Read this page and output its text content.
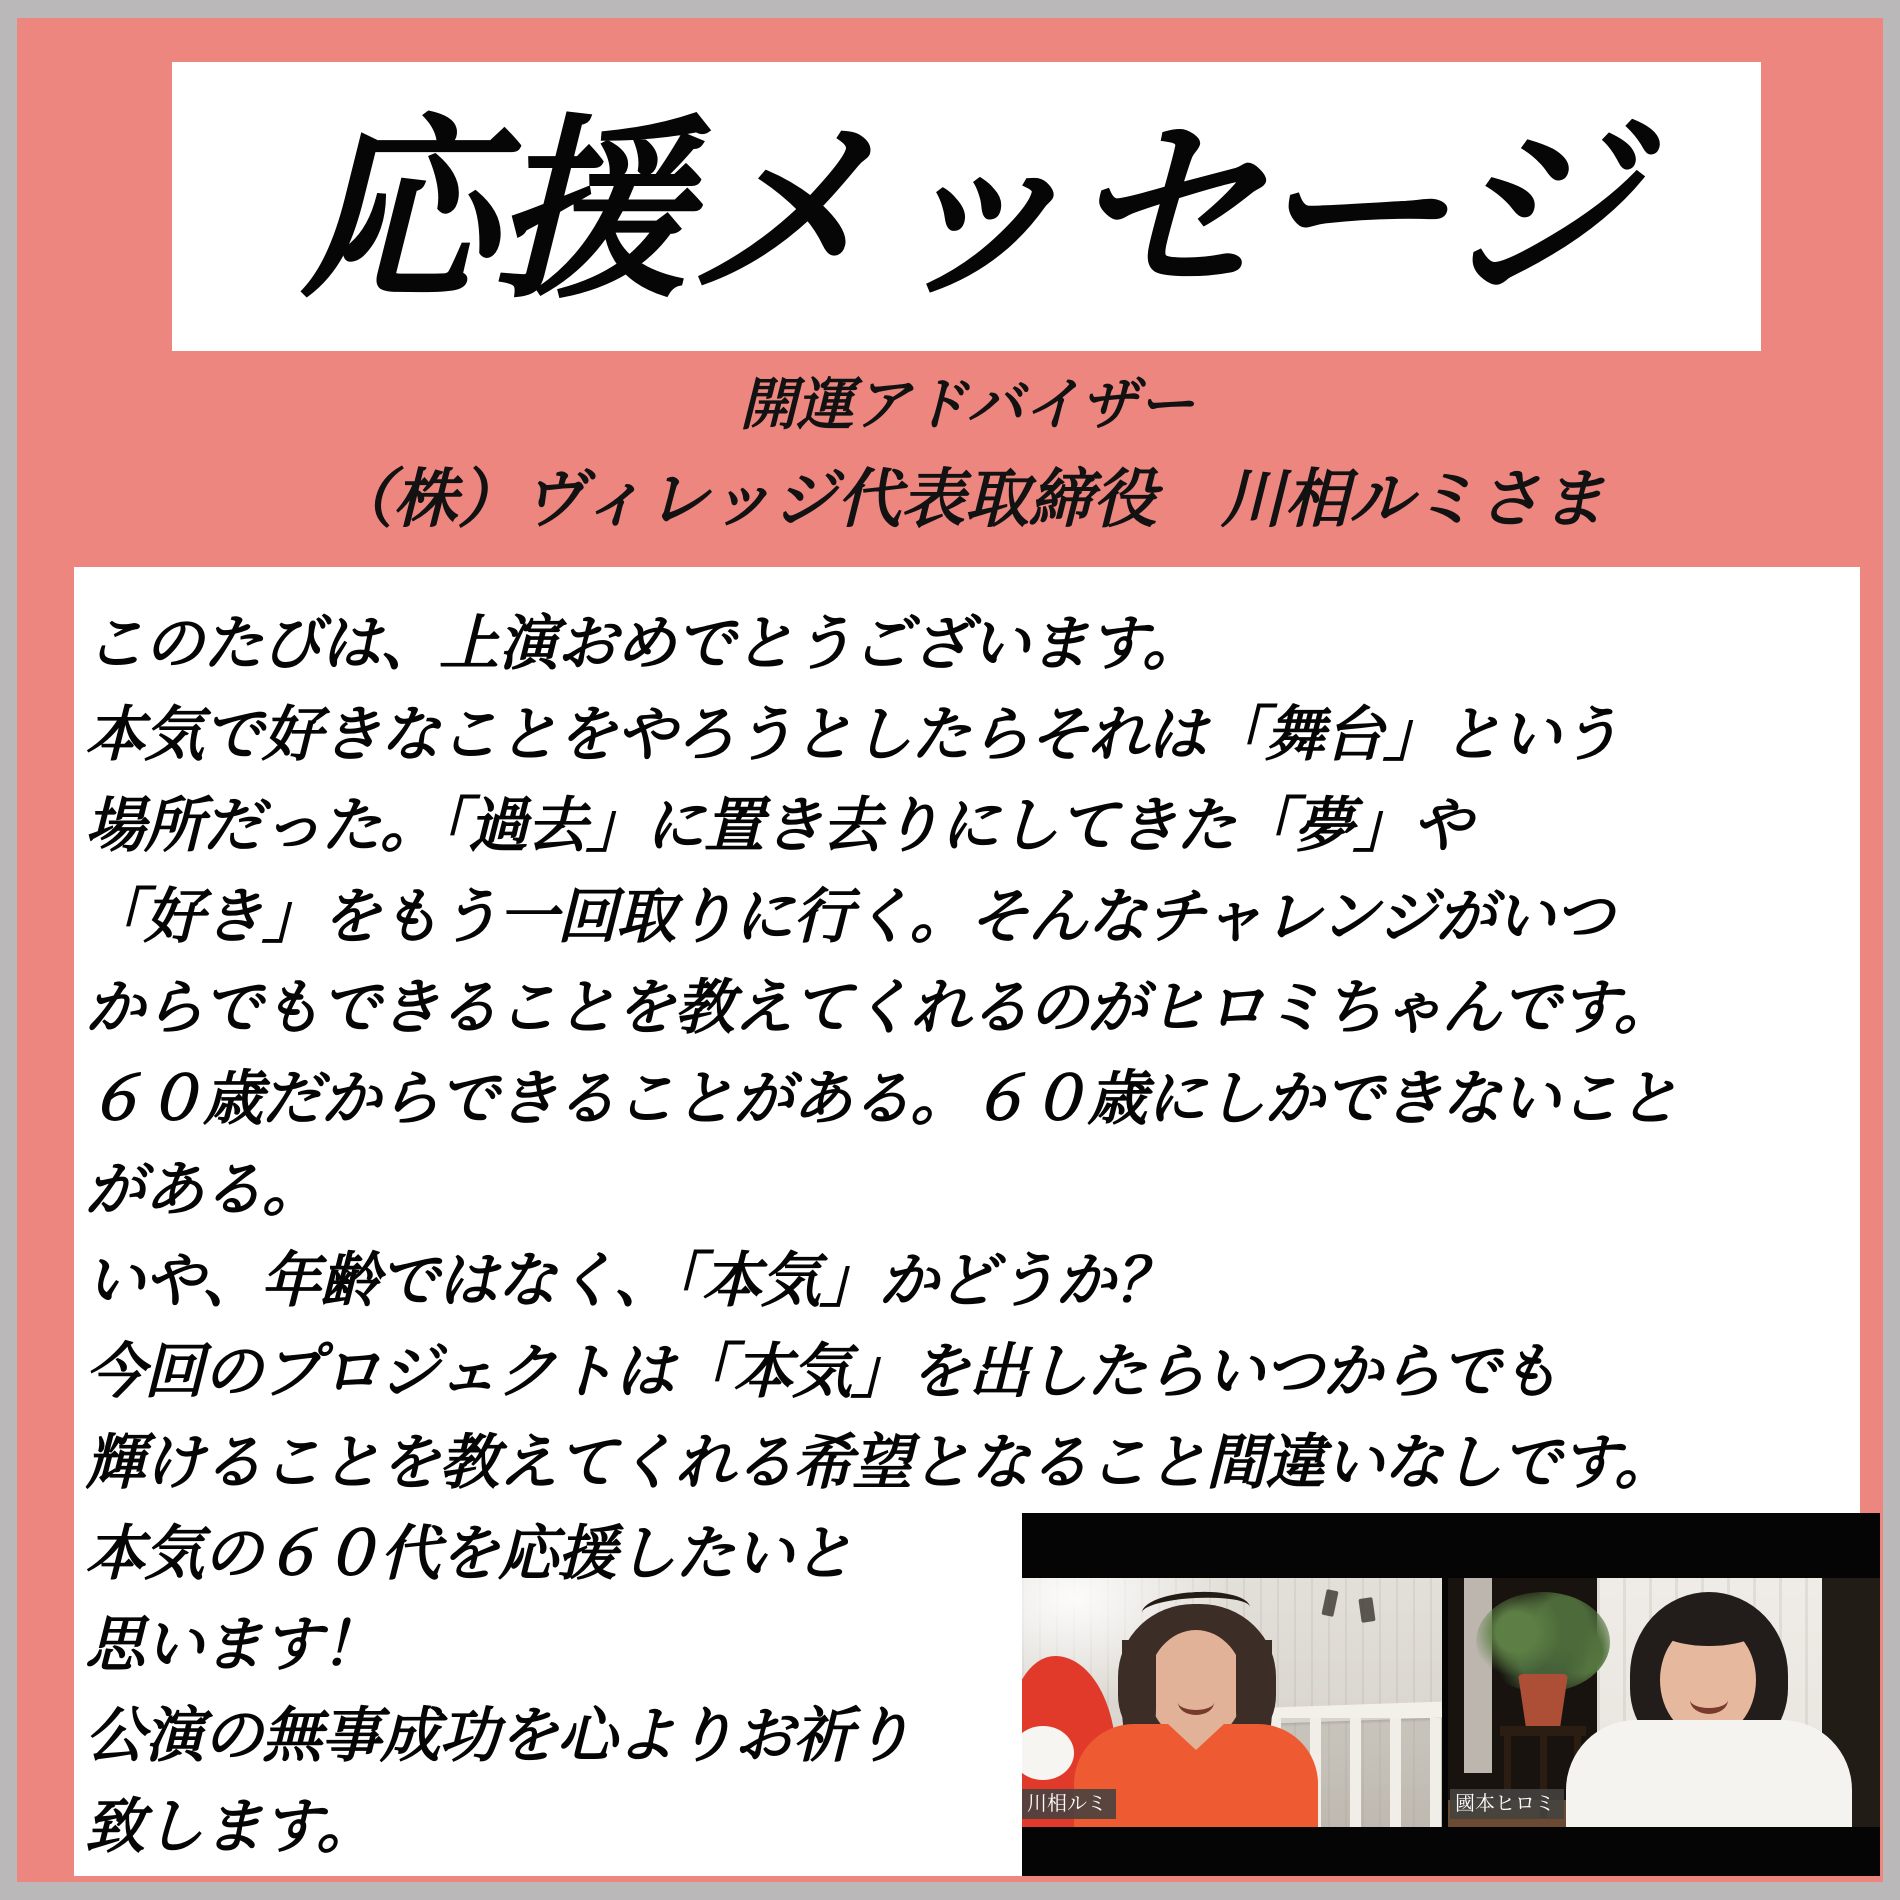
応援メッセージ
開運アドバイザー
（株）ヴィレッジ代表取締役　川相ルミさま
このたびは、上演おめでとうございます。
本気で好きなことをやろうとしたらそれは「舞台」という
場所だった。「過去」に置き去りにしてきた「夢」や
「好き」をもう一回取りに行く。そんなチャレンジがいつ
からでもできることを教えてくれるのがヒロミちゃんです。
６０歳だからできることがある。６０歳にしかできないこと
がある。
いや、年齢ではなく、「本気」かどうか？
今回のプロジェクトは「本気」を出したらいつからでも
輝けることを教えてくれる希望となること間違いなしです。
本気の６０代を応援したいと
思います！
公演の無事成功を心よりお祈り
致します。	川相ルミ	國本ヒロミ
